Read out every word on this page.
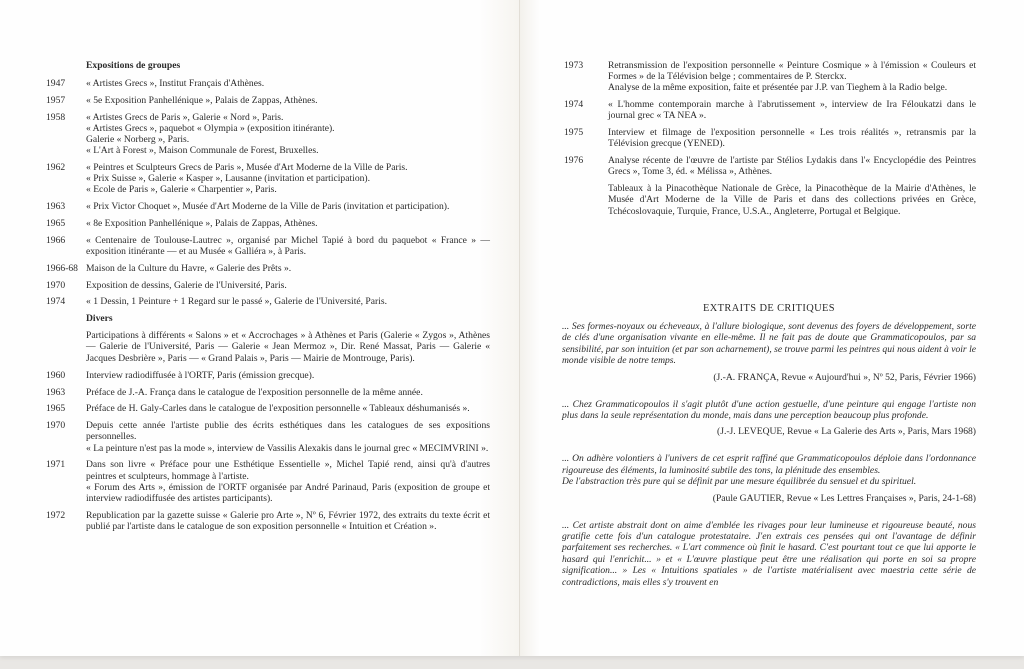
Expositions de groupes
1947	« Artistes Grecs », Institut Français d'Athènes.
1957	« 5e Exposition Panhellénique », Palais de Zappas, Athènes.
1958	« Artistes Grecs de Paris », Galerie « Nord », Paris.
« Artistes Grecs », paquebot « Olympia » (exposition itinérante).
Galerie « Norberg », Paris.
« L'Art à Forest », Maison Communale de Forest, Bruxelles.
1962	« Peintres et Sculpteurs Grecs de Paris », Musée d'Art Moderne de la Ville de Paris.
« Prix Suisse », Galerie « Kasper », Lausanne (invitation et participation).
« Ecole de Paris », Galerie « Charpentier », Paris.
1963	« Prix Victor Choquet », Musée d'Art Moderne de la Ville de Paris (invitation et participation).
1965	« 8e Exposition Panhellénique », Palais de Zappas, Athènes.
1966	« Centenaire de Toulouse-Lautrec », organisé par Michel Tapié à bord du paquebot « France » — exposition itinérante — et au Musée « Galliéra », à Paris.
1966-68 Maison de la Culture du Havre, « Galerie des Prêts ».
1970	Exposition de dessins, Galerie de l'Université, Paris.
1974	« 1 Dessin, 1 Peinture + 1 Regard sur le passé », Galerie de l'Université, Paris.
Divers
Participations à différents « Salons » et « Accrochages » à Athènes et Paris (Galerie « Zygos », Athènes — Galerie de l'Université, Paris — Galerie « Jean Mermoz », Dir. René Massat, Paris — Galerie « Jacques Desbrière », Paris — « Grand Palais », Paris — Mairie de Montrouge, Paris).
1960	Interview radiodiffusée à l'ORTF, Paris (émission grecque).
1963	Préface de J.-A. França dans le catalogue de l'exposition personnelle de la même année.
1965	Préface de H. Galy-Carles dans le catalogue de l'exposition personnelle « Tableaux déshumanisés ».
1970	Depuis cette année l'artiste publie des écrits esthétiques dans les catalogues de ses expositions personnelles.
« La peinture n'est pas la mode », interview de Vassilis Alexakis dans le journal grec « MECIMVRINI ».
1971	Dans son livre « Préface pour une Esthétique Essentielle », Michel Tapié rend, ainsi qu'à d'autres peintres et sculpteurs, hommage à l'artiste.
« Forum des Arts », émission de l'ORTF organisée par André Parinaud, Paris (exposition de groupe et interview radiodiffusée des artistes participants).
1972	Republication par la gazette suisse « Galerie pro Arte », Nº 6, Février 1972, des extraits du texte écrit et publié par l'artiste dans le catalogue de son exposition personnelle « Intuition et Création ».
1973	Retransmission de l'exposition personnelle « Peinture Cosmique » à l'émission « Couleurs et Formes » de la Télévision belge ; commentaires de P. Sterckx.
Analyse de la même exposition, faite et présentée par J.P. van Tieghem à la Radio belge.
1974	« L'homme contemporain marche à l'abrutissement », interview de Ira Féloukatzi dans le journal grec « TA NEA ».
1975	Interview et filmage de l'exposition personnelle « Les trois réalités », retransmis par la Télévision grecque (YENED).
1976	Analyse récente de l'œuvre de l'artiste par Stélios Lydakis dans l'« Encyclopédie des Peintres Grecs », Tome 3, éd. « Mélissa », Athènes.
Tableaux à la Pinacothèque Nationale de Grèce, la Pinacothèque de la Mairie d'Athènes, le Musée d'Art Moderne de la Ville de Paris et dans des collections privées en Grèce, Tchécoslovaquie, Turquie, France, U.S.A., Angleterre, Portugal et Belgique.
EXTRAITS DE CRITIQUES

... Ses formes-noyaux ou écheveaux, à l'allure biologique, sont devenus des foyers de développement, sorte de clés d'une organisation vivante en elle-même. Il ne fait pas de doute que Grammaticopoulos, par sa sensibilité, par son intuition (et par son acharnement), se trouve parmi les peintres qui nous aident à voir le monde visible de notre temps.

(J.-A. FRANÇA, Revue « Aujourd'hui », Nº 52, Paris, Février 1966)

... Chez Grammaticopoulos il s'agit plutôt d'une action gestuelle, d'une peinture qui engage l'artiste non plus dans la seule représentation du monde, mais dans une perception beaucoup plus profonde.

(J.-J. LEVEQUE, Revue « La Galerie des Arts », Paris, Mars 1968)

... On adhère volontiers à l'univers de cet esprit raffiné que Grammaticopoulos déploie dans l'ordonnance rigoureuse des éléments, la luminosité subtile des tons, la plénitude des ensembles.

De l'abstraction très pure qui se définit par une mesure équilibrée du sensuel et du spirituel.

(Paule GAUTIER, Revue « Les Lettres Françaises », Paris, 24-1-68)

... Cet artiste abstrait dont on aime d'emblée les rivages pour leur lumineuse et rigoureuse beauté, nous gratifie cette fois d'un catalogue protestataire. J'en extrais ces pensées qui ont l'avantage de définir parfaitement ses recherches. « L'art commence où finit le hasard. C'est pourtant tout ce que lui apporte le hasard qui l'enrichit... » et « L'œuvre plastique peut être une réalisation qui porte en soi sa propre signification... » Les « Intuitions spatiales » de l'artiste matérialisent avec maestria cette série de contradictions, mais elles s'y trouvent en
